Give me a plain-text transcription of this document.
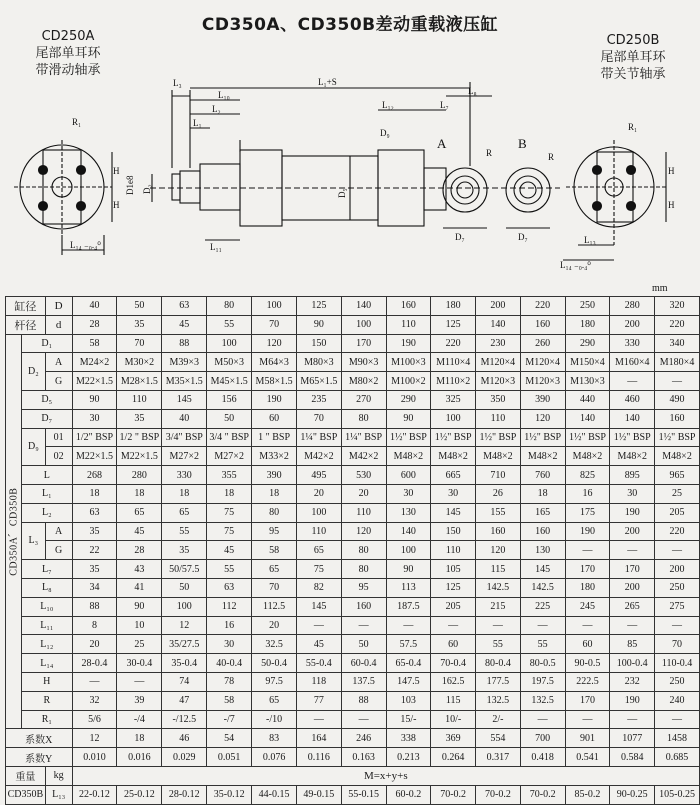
CD350A、CD350B差动重载液压缸
CD250A
尾部单耳环
带滑动轴承
CD250B
尾部单耳环
带关节轴承
R₁
H
H
L₁₄ ₋₀.₄⁰
L₃
L₁₀
L₂
L₁
L₁+S
L₁₂	L₇
L₈
D₉
D1e8 D₂	D₅
L₁₁
A	B
R	R
D₇	D₇
R₁
H
H
L₁₃
L₁₄ ₋₀.₄⁰
mm
缸径		D	40	50	63	80	100	125	140	160	180	200	220	250	280	320
杆径		d	28	35	45	55	70	90	100	110	125	140	160	180	200	220
CD350A、CD350B	D₁		58	70	88	100	120	150	170	190	220	230	260	290	330	340
	D₂	A	M24×2	M30×2	M39×3	M50×3	M64×3	M80×3	M90×3	M100×3	M110×4	M120×4	M120×4	M150×4	M160×4	M180×4
		G	M22×1.5	M28×1.5	M35×1.5	M45×1.5	M58×1.5	M65×1.5	M80×2	M100×2	M110×2	M120×3	M120×3	M130×3	—	—
	D₅		90	110	145	156	190	235	270	290	325	350	390	440	460	490
	D₇		30	35	40	50	60	70	80	90	100	110	120	140	140	160
	D₉	01	1/2" BSP	1/2 " BSP	3/4" BSP	3/4 " BSP	1 " BSP	1¼" BSP	1¼" BSP	1½" BSP	1½" BSP	1½" BSP	1½" BSP	1½" BSP	1½" BSP	1½" BSP
		02	M22×1.5	M22×1.5	M27×2	M27×2	M33×2	M42×2	M42×2	M48×2	M48×2	M48×2	M48×2	M48×2	M48×2	M48×2
	L		268	280	330	355	390	495	530	600	665	710	760	825	895	965
	L₁		18	18	18	18	18	20	20	30	30	26	18	16	30	25
	L₂		63	65	65	75	80	100	110	130	145	155	165	175	190	205
	L₃	A	35	45	55	75	95	110	120	140	150	160	160	190	200	220
		G	22	28	35	45	58	65	80	100	110	120	130	—	—	—
	L₇		35	43	50/57.5	55	65	75	80	90	105	115	145	170	170	200
	L₈		34	41	50	63	70	82	95	113	125	142.5	142.5	180	200	250
	L₁₀		88	90	100	112	112.5	145	160	187.5	205	215	225	245	265	275
	L₁₁		8	10	12	16	20	—	—	—	—	—	—	—	—	—
	L₁₂		20	25	35/27.5	30	32.5	45	50	57.5	60	55	55	60	85	70
	L₁₄		28-0.4	30-0.4	35-0.4	40-0.4	50-0.4	55-0.4	60-0.4	65-0.4	70-0.4	80-0.4	80-0.5	90-0.5	100-0.4	110-0.4
	H		—	—	74	78	97.5	118	137.5	147.5	162.5	177.5	197.5	222.5	232	250
	R		32	39	47	58	65	77	88	103	115	132.5	132.5	170	190	240
	R₁		5/6	-/4	-/12.5	-/7	-/10	—	—	15/-	10/-	2/-	—	—	—	—
系数X			12	18	46	54	83	164	246	338	369	554	700	901	1077	1458
系数Y			0.010	0.016	0.029	0.051	0.076	0.116	0.163	0.213	0.264	0.317	0.418	0.541	0.584	0.685
重量		kg	M=x+y+s													
CD350B		L₁₃	22-0.12	25-0.12	28-0.12	35-0.12	44-0.15	49-0.15	55-0.15	60-0.2	70-0.2	70-0.2	70-0.2	85-0.2	90-0.25	105-0.25
